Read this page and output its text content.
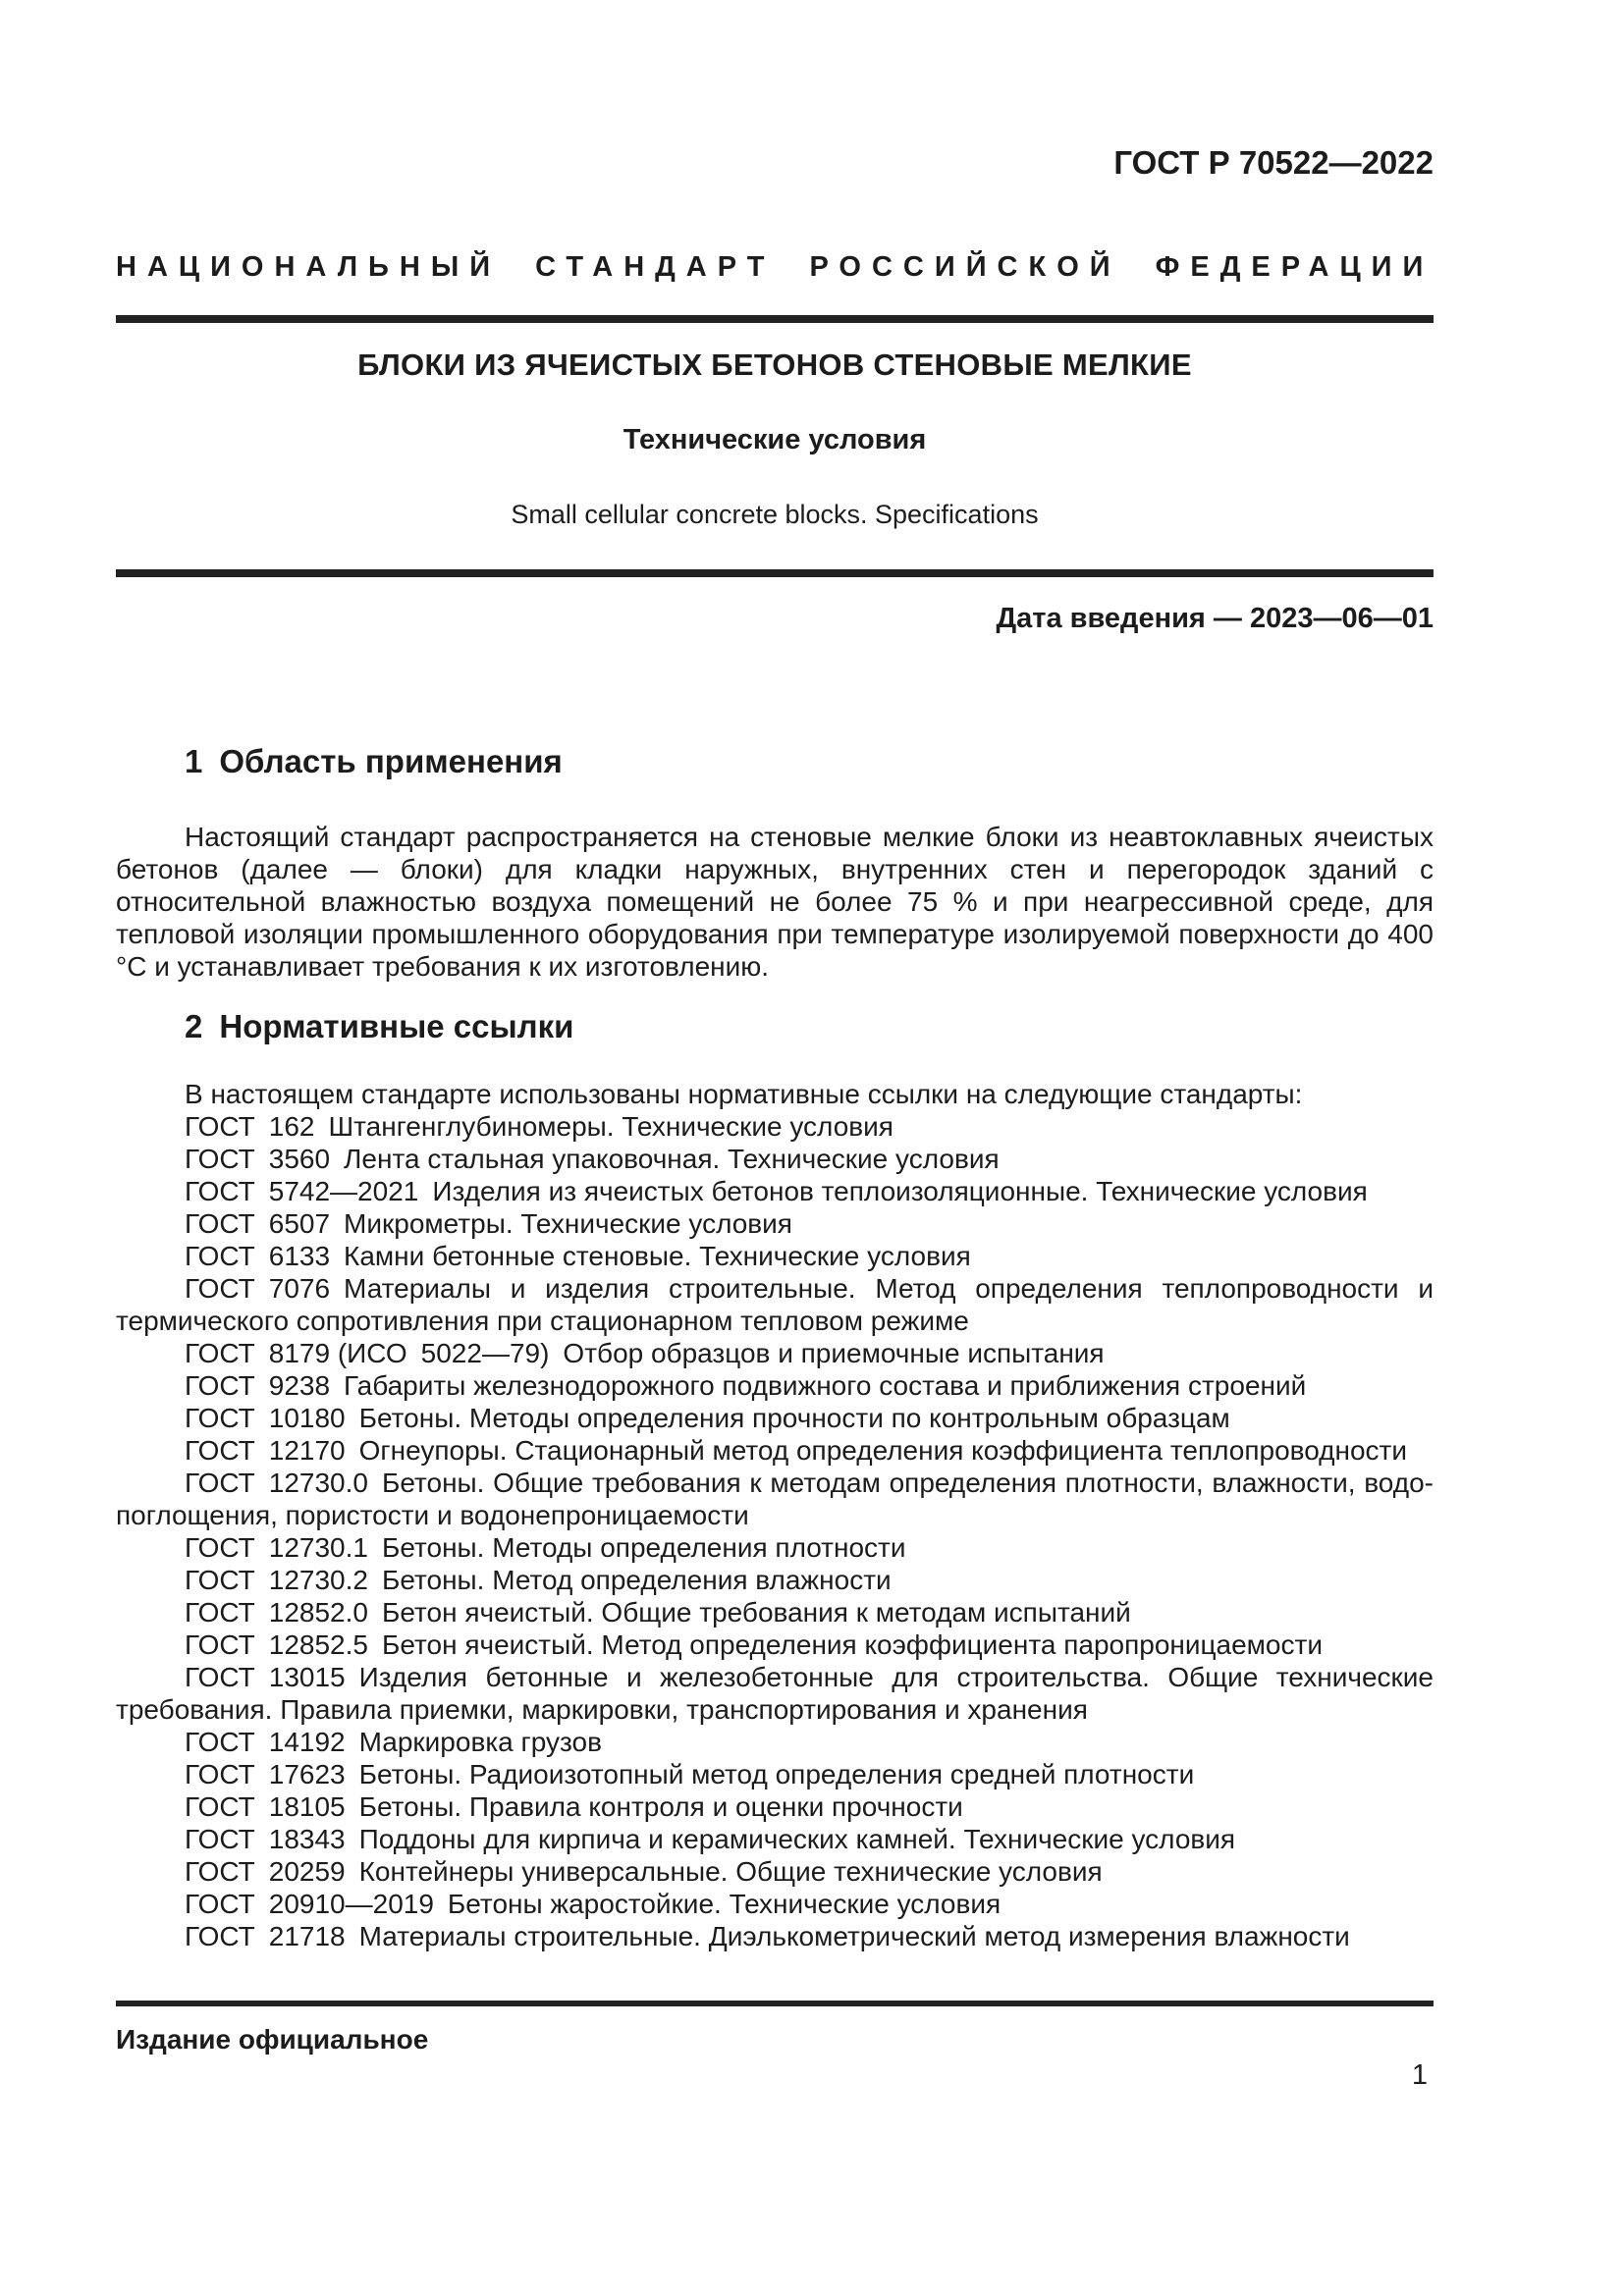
ГОСТ Р 70522—2022
НАЦИОНАЛЬНЫЙ СТАНДАРТ РОССИЙСКОЙ ФЕДЕРАЦИИ
БЛОКИ ИЗ ЯЧЕИСТЫХ БЕТОНОВ СТЕНОВЫЕ МЕЛКИЕ
Технические условия
Small cellular concrete blocks. Specifications
Дата введения — 2023—06—01
1 Область применения

Настоящий стандарт распространяется на стеновые мелкие блоки из неавтоклавных ячеистых бетонов (далее — блоки) для кладки наружных, внутренних стен и перегородок зданий с относительной влажностью воздуха помещений не более 75 % и при неагрессивной среде, для тепловой изоляции промышленного оборудования при температуре изолируемой поверхности до 400 °С и устанавливает требования к их изготовлению.

2 Нормативные ссылки

В настоящем стандарте использованы нормативные ссылки на следующие стандарты:

ГОСТ 162 Штангенглубиномеры. Технические условия

ГОСТ 3560 Лента стальная упаковочная. Технические условия

ГОСТ 5742—2021 Изделия из ячеистых бетонов теплоизоляционные. Технические условия

ГОСТ 6507 Микрометры. Технические условия

ГОСТ 6133 Камни бетонные стеновые. Технические условия

ГОСТ 7076 Материалы и изделия строительные. Метод определения теплопроводности и термического сопротивления при стационарном тепловом режиме

ГОСТ 8179 (ИСО 5022—79) Отбор образцов и приемочные испытания

ГОСТ 9238 Габариты железнодорожного подвижного состава и приближения строений

ГОСТ 10180 Бетоны. Методы определения прочности по контрольным образцам

ГОСТ 12170 Огнеупоры. Стационарный метод определения коэффициента теплопроводности

ГОСТ 12730.0 Бетоны. Общие требования к методам определения плотности, влажности, водопоглощения, пористости и водонепроницаемости

ГОСТ 12730.1 Бетоны. Методы определения плотности

ГОСТ 12730.2 Бетоны. Метод определения влажности

ГОСТ 12852.0 Бетон ячеистый. Общие требования к методам испытаний

ГОСТ 12852.5 Бетон ячеистый. Метод определения коэффициента паропроницаемости

ГОСТ 13015 Изделия бетонные и железобетонные для строительства. Общие технические требования. Правила приемки, маркировки, транспортирования и хранения

ГОСТ 14192 Маркировка грузов

ГОСТ 17623 Бетоны. Радиоизотопный метод определения средней плотности

ГОСТ 18105 Бетоны. Правила контроля и оценки прочности

ГОСТ 18343 Поддоны для кирпича и керамических камней. Технические условия

ГОСТ 20259 Контейнеры универсальные. Общие технические условия

ГОСТ 20910—2019 Бетоны жаростойкие. Технические условия

ГОСТ 21718 Материалы строительные. Диэлькометрический метод измерения влажности

Издание официальное
1
